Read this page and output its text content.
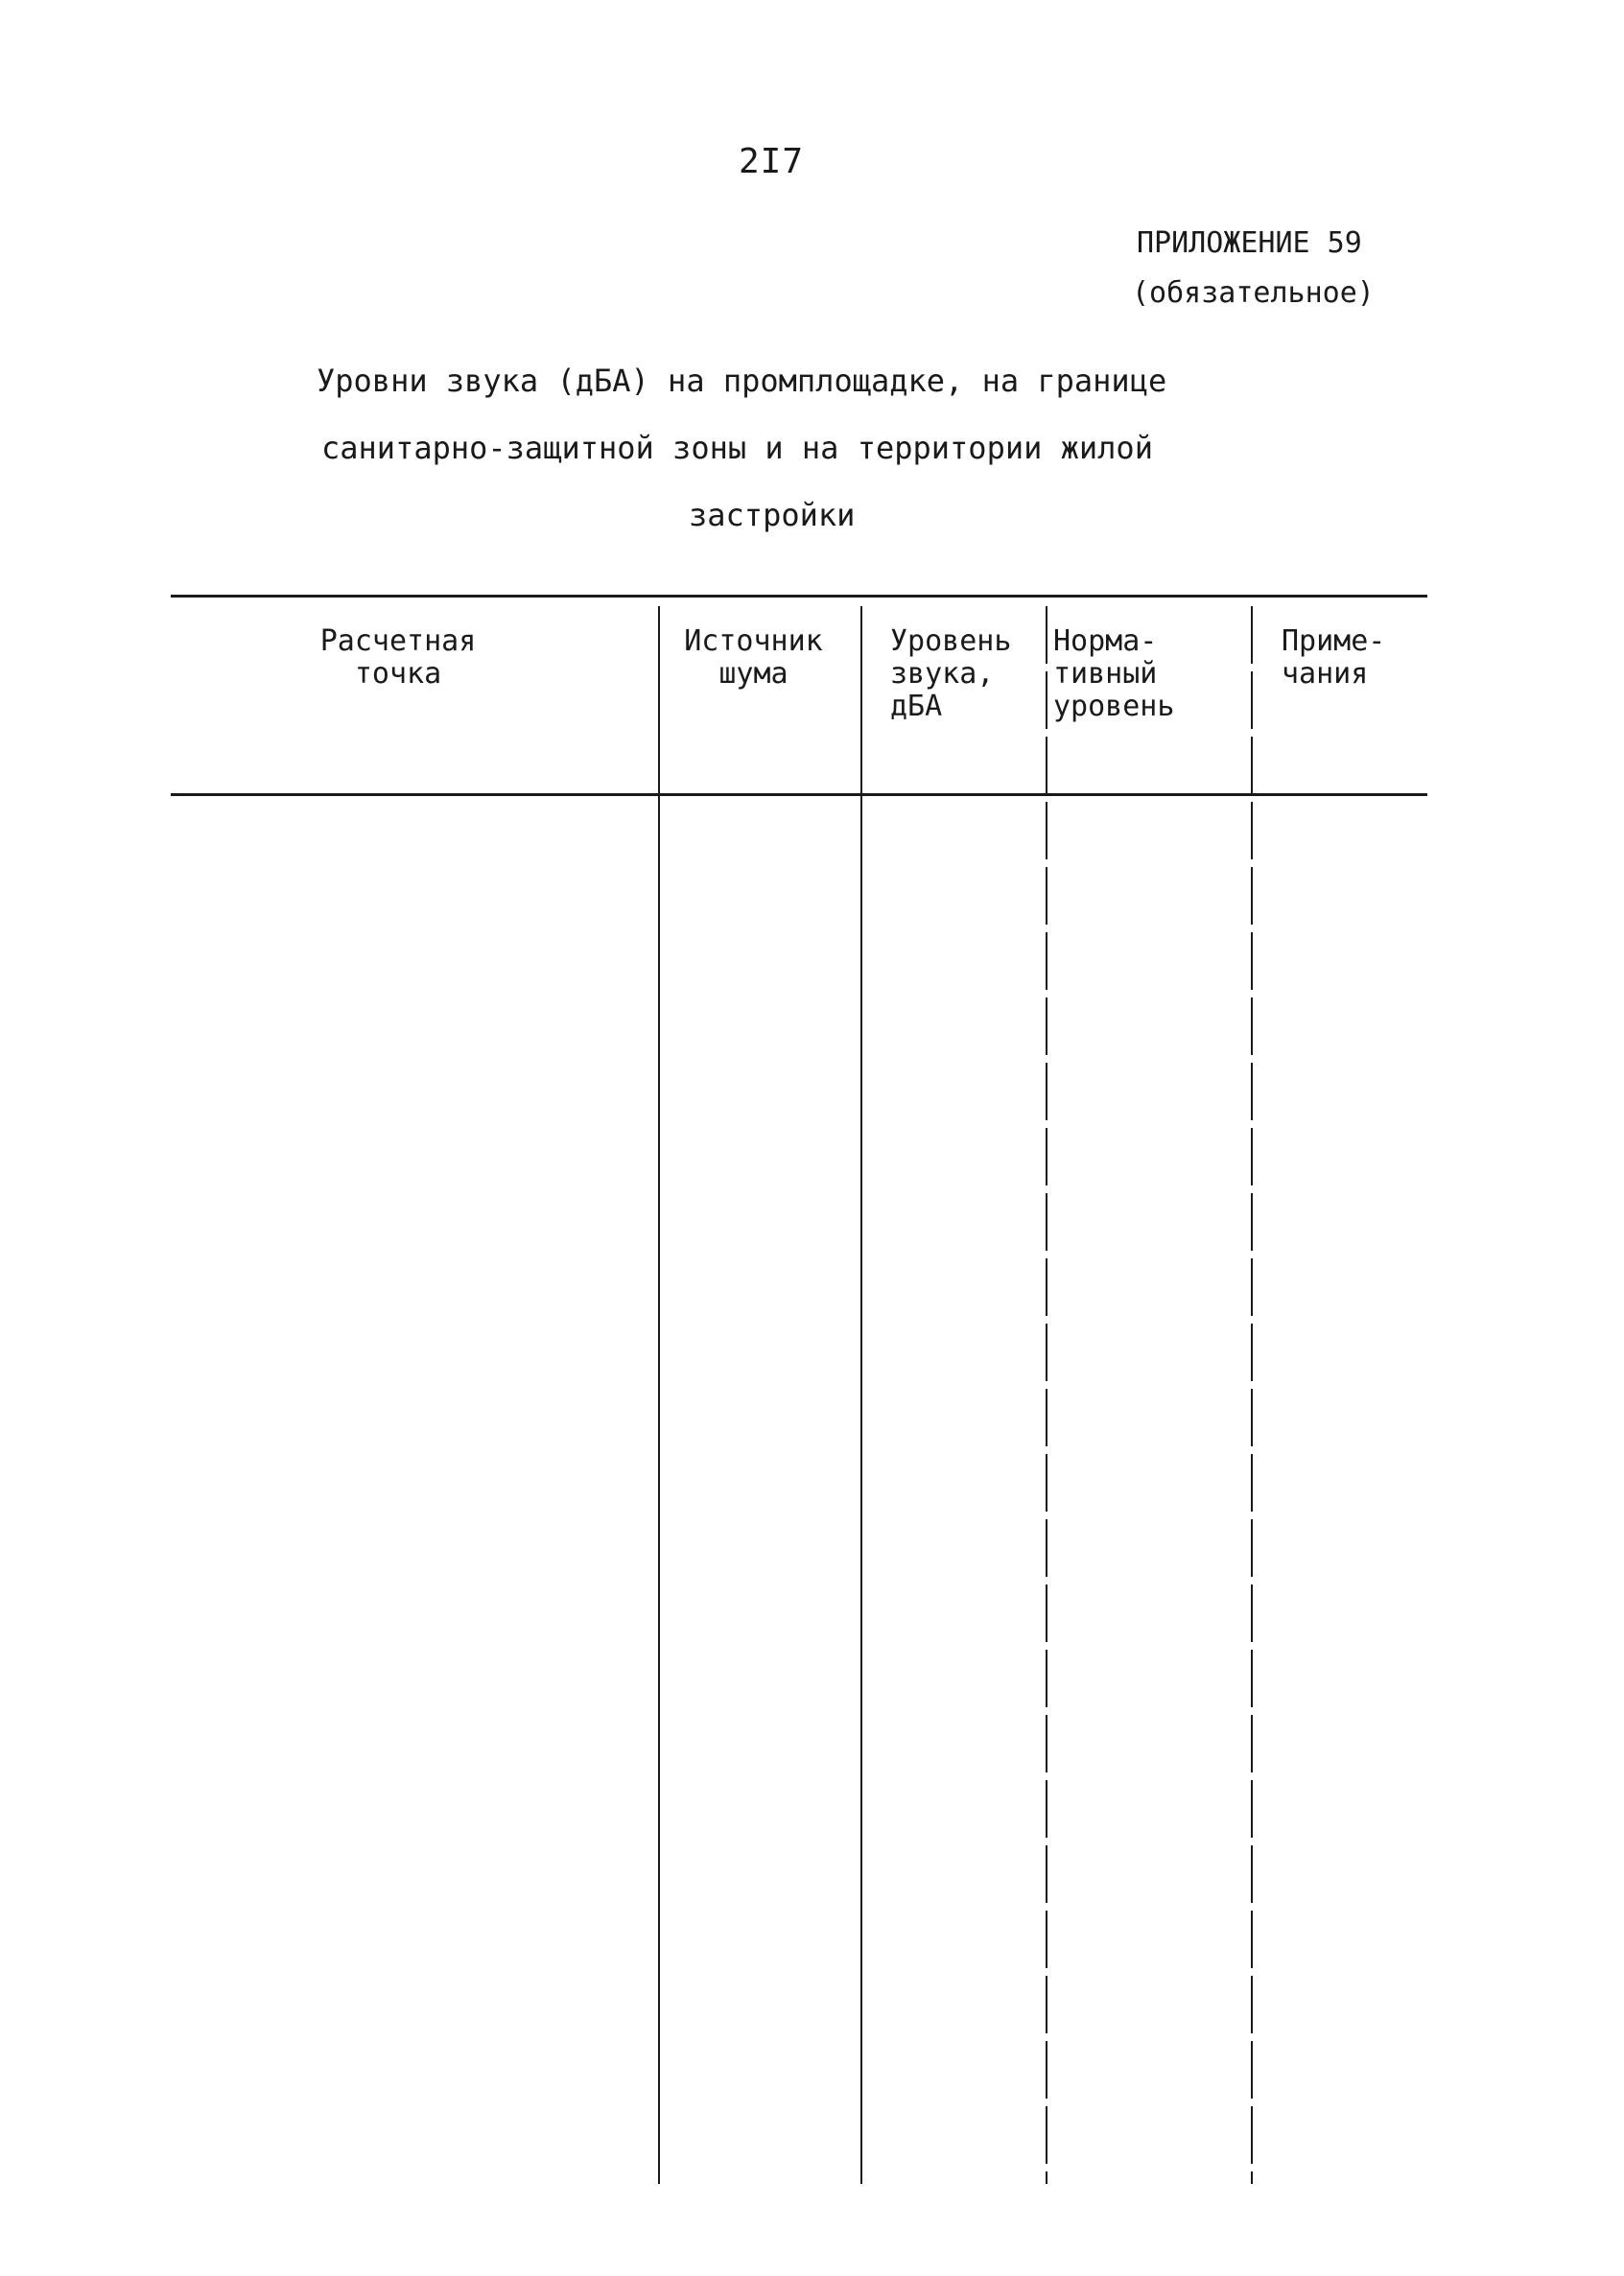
2I7
ПРИЛОЖЕНИЕ 59
(обязательное)
Уровни звука (дБА) на промплощадке, на границе
санитарно-защитной зоны и на территории жилой
застройки
Расчетная
точка
Источник
шума
Уровень
звука,
дБА
Норма-
тивный
уровень
Приме-
чания
